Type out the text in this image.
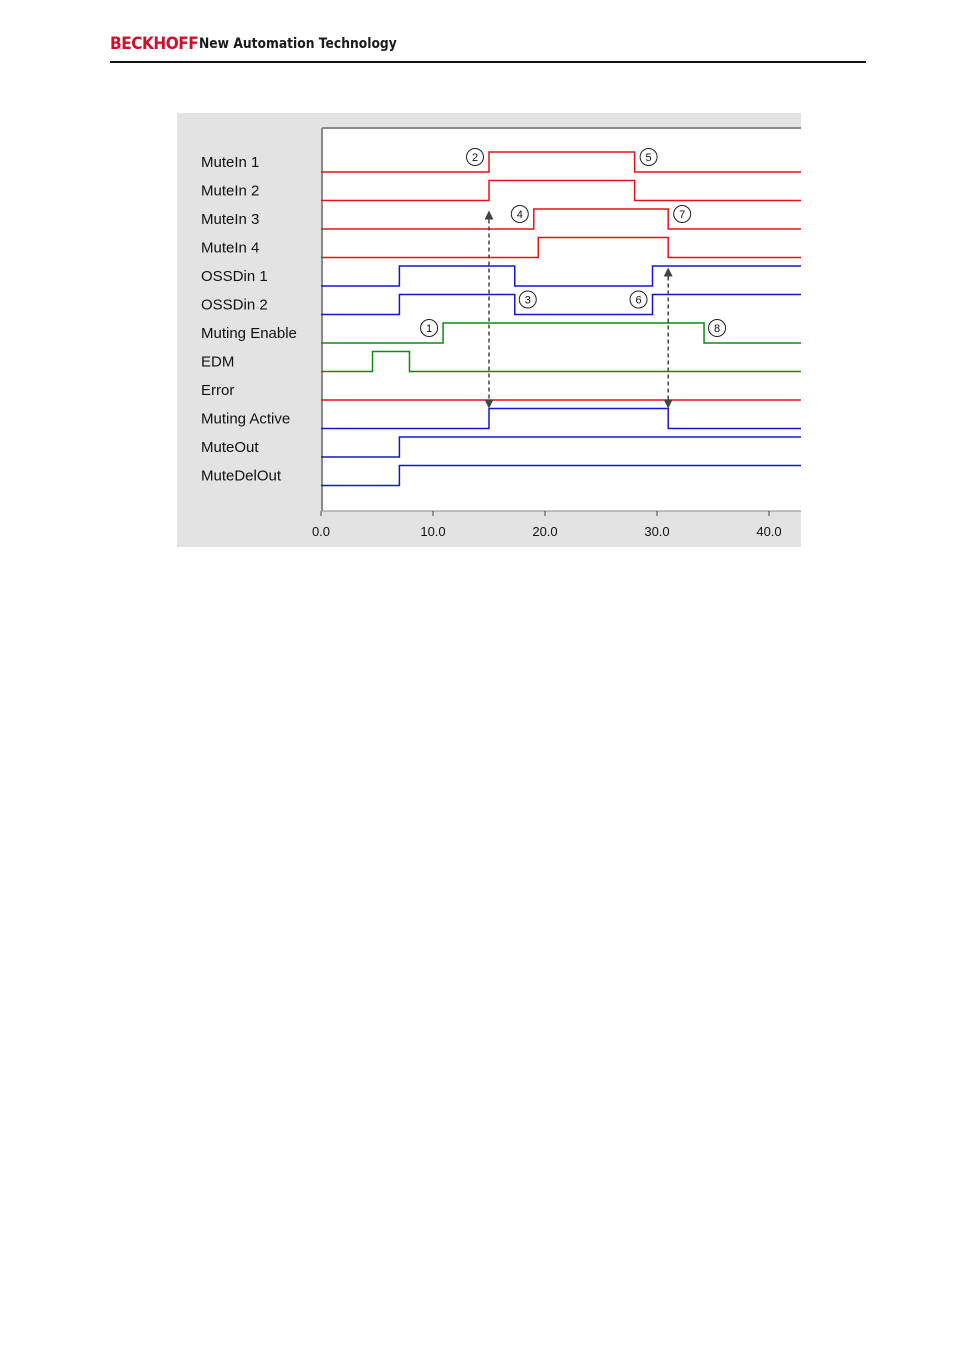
BECKHOFF New Automation Technology
0.0	10.0	20.0	30.0	40.0
MuteIn 1
MuteIn 2
MuteIn 3
MuteIn 4
OSSDin 1
OSSDin 2
Muting Enable
EDM
Error
Muting Active
MuteOut
MuteDelOut
1
2
3
4
5
6
7
8
